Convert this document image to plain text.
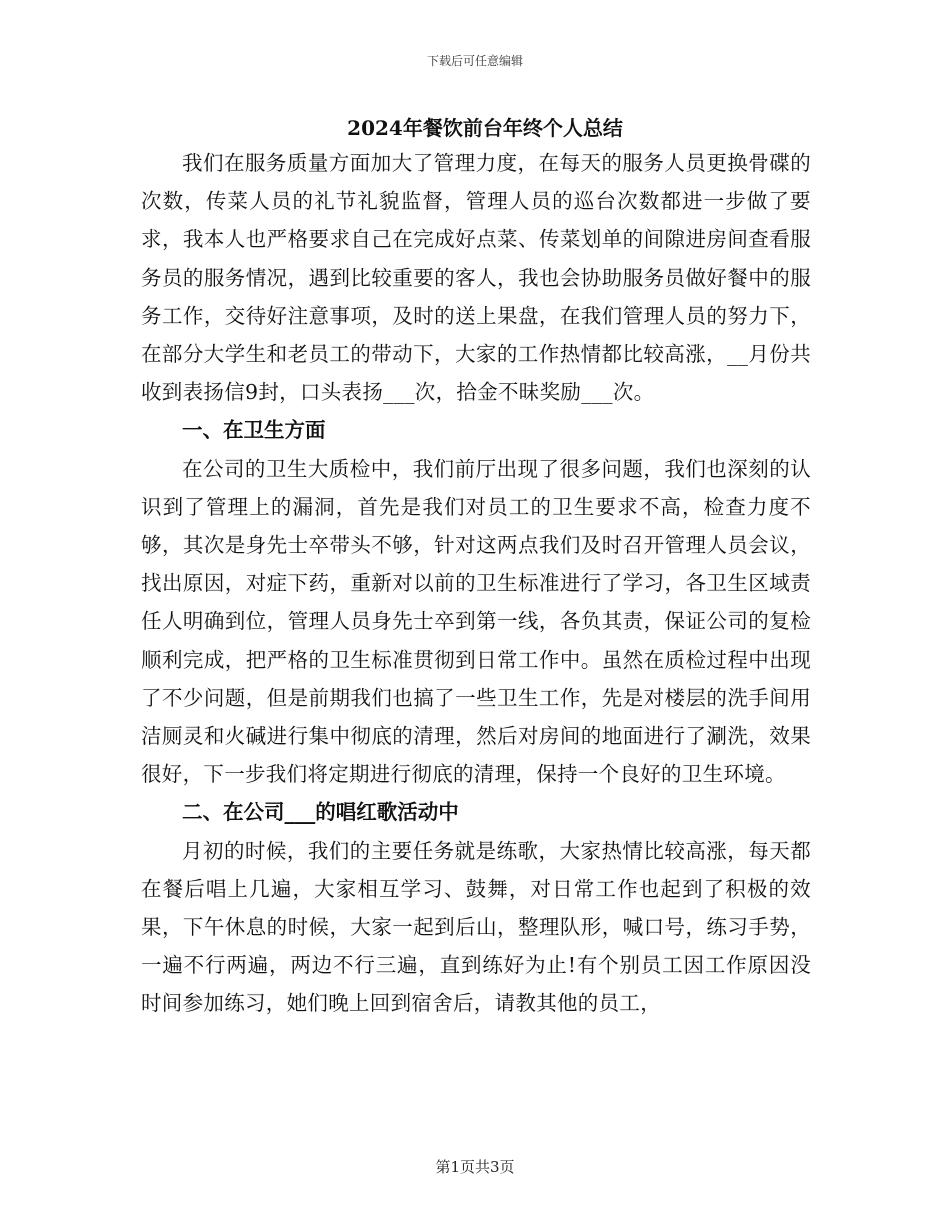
下载后可任意编辑
2024年餐饮前台年终个人总结

我们在服务质量方面加大了管理力度，在每天的服务人员更换骨碟的次数，传菜人员的礼节礼貌监督，管理人员的巡台次数都进一步做了要求，我本人也严格要求自己在完成好点菜、传菜划单的间隙进房间查看服务员的服务情况，遇到比较重要的客人，我也会协助服务员做好餐中的服务工作，交待好注意事项，及时的送上果盘，在我们管理人员的努力下，在部分大学生和老员工的带动下，大家的工作热情都比较高涨，__月份共收到表扬信9封，口头表扬___次，拾金不昧奖励___次。

一、在卫生方面

在公司的卫生大质检中，我们前厅出现了很多问题，我们也深刻的认识到了管理上的漏洞，首先是我们对员工的卫生要求不高，检查力度不够，其次是身先士卒带头不够，针对这两点我们及时召开管理人员会议，找出原因，对症下药，重新对以前的卫生标准进行了学习，各卫生区域责任人明确到位，管理人员身先士卒到第一线，各负其责，保证公司的复检顺利完成，把严格的卫生标准贯彻到日常工作中。虽然在质检过程中出现了不少问题，但是前期我们也搞了一些卫生工作，先是对楼层的洗手间用洁厕灵和火碱进行集中彻底的清理，然后对房间的地面进行了涮洗，效果很好，下一步我们将定期进行彻底的清理，保持一个良好的卫生环境。

二、在公司___的唱红歌活动中

月初的时候，我们的主要任务就是练歌，大家热情比较高涨，每天都在餐后唱上几遍，大家相互学习、鼓舞，对日常工作也起到了积极的效果，下午休息的时候，大家一起到后山，整理队形，喊口号，练习手势，一遍不行两遍，两边不行三遍，直到练好为止!有个别员工因工作原因没时间参加练习，她们晚上回到宿舍后，请教其他的员工，

第1页共3页
